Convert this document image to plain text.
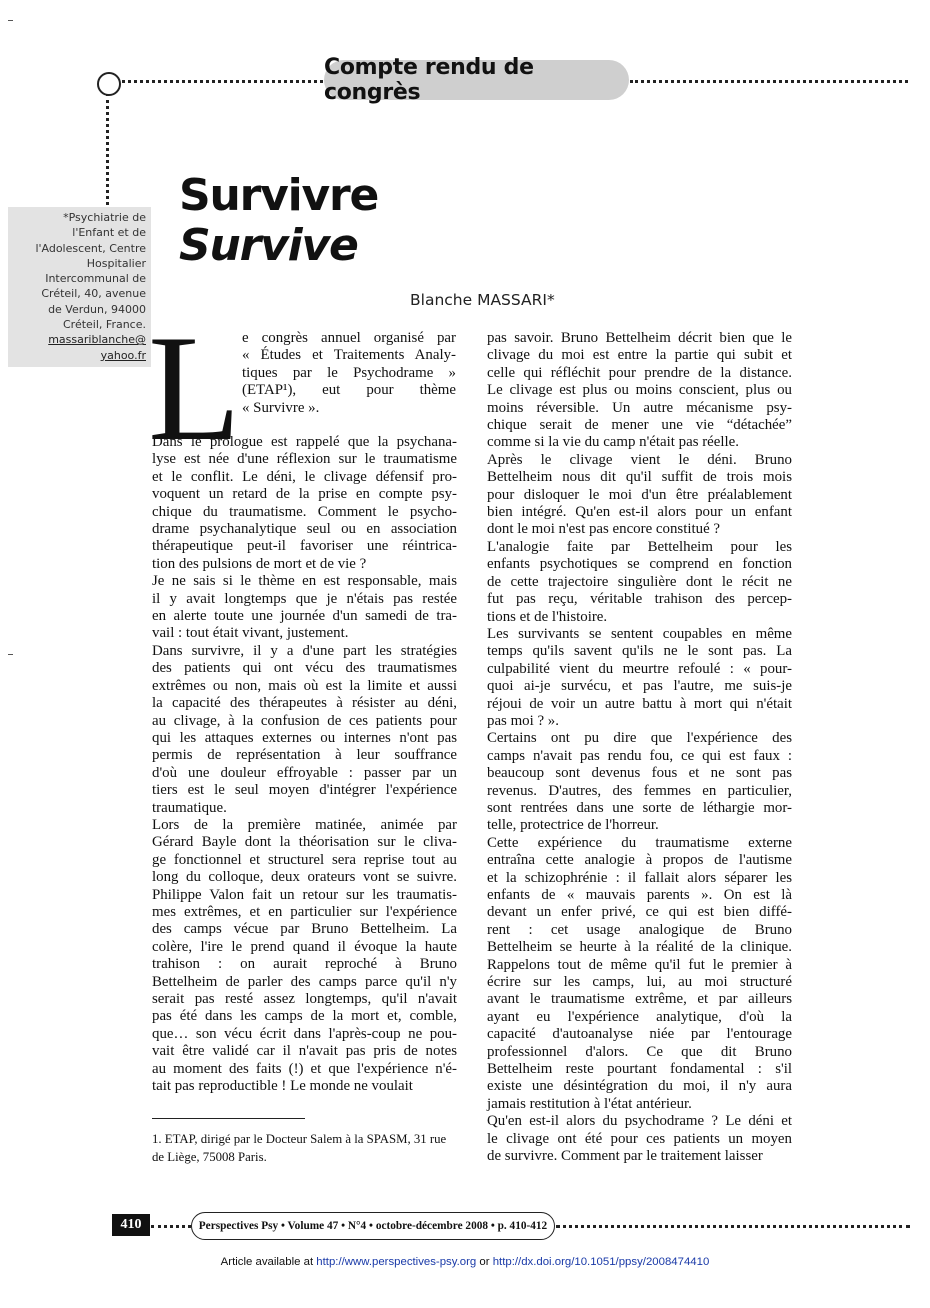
Compte rendu de congrès
*Psychiatrie de
l'Enfant et de
l'Adolescent, Centre
Hospitalier
Intercommunal de
Créteil, 40, avenue
de Verdun, 94000
Créteil, France.
massariblanche@
yahoo.fr
Survivre
Survive
Blanche MASSARI*
L e congrès annuel organisé par
« Études et Traitements Analy-
tiques par le Psychodrame »
(ETAP¹), eut pour thème
« Survivre ».
Dans le prologue est rappelé que la psychana-
lyse est née d'une réflexion sur le traumatisme
et le conflit. Le déni, le clivage défensif pro-
voquent un retard de la prise en compte psy-
chique du traumatisme. Comment le psycho-
drame psychanalytique seul ou en association
thérapeutique peut-il favoriser une réintrica-
tion des pulsions de mort et de vie ?
Je ne sais si le thème en est responsable, mais
il y avait longtemps que je n'étais pas restée
en alerte toute une journée d'un samedi de tra-
vail : tout était vivant, justement.
Dans survivre, il y a d'une part les stratégies
des patients qui ont vécu des traumatismes
extrêmes ou non, mais où est la limite et aussi
la capacité des thérapeutes à résister au déni,
au clivage, à la confusion de ces patients pour
qui les attaques externes ou internes n'ont pas
permis de représentation à leur souffrance
d'où une douleur effroyable : passer par un
tiers est le seul moyen d'intégrer l'expérience
traumatique.
Lors de la première matinée, animée par
Gérard Bayle dont la théorisation sur le cliva-
ge fonctionnel et structurel sera reprise tout au
long du colloque, deux orateurs vont se suivre.
Philippe Valon fait un retour sur les traumatis-
mes extrêmes, et en particulier sur l'expérience
des camps vécue par Bruno Bettelheim. La
colère, l'ire le prend quand il évoque la haute
trahison : on aurait reproché à Bruno
Bettelheim de parler des camps parce qu'il n'y
serait pas resté assez longtemps, qu'il n'avait
pas été dans les camps de la mort et, comble,
que… son vécu écrit dans l'après-coup ne pou-
vait être validé car il n'avait pas pris de notes
au moment des faits (!) et que l'expérience n'é-
tait pas reproductible ! Le monde ne voulait
pas savoir. Bruno Bettelheim décrit bien que le
clivage du moi est entre la partie qui subit et
celle qui réfléchit pour prendre de la distance.
Le clivage est plus ou moins conscient, plus ou
moins réversible. Un autre mécanisme psy-
chique serait de mener une vie “détachée”
comme si la vie du camp n'était pas réelle.
Après le clivage vient le déni. Bruno
Bettelheim nous dit qu'il suffit de trois mois
pour disloquer le moi d'un être préalablement
bien intégré. Qu'en est-il alors pour un enfant
dont le moi n'est pas encore constitué ?
L'analogie faite par Bettelheim pour les
enfants psychotiques se comprend en fonction
de cette trajectoire singulière dont le récit ne
fut pas reçu, véritable trahison des percep-
tions et de l'histoire.
Les survivants se sentent coupables en même
temps qu'ils savent qu'ils ne le sont pas. La
culpabilité vient du meurtre refoulé : « pour-
quoi ai-je survécu, et pas l'autre, me suis-je
réjoui de voir un autre battu à mort qui n'était
pas moi ? ».
Certains ont pu dire que l'expérience des
camps n'avait pas rendu fou, ce qui est faux :
beaucoup sont devenus fous et ne sont pas
revenus. D'autres, des femmes en particulier,
sont rentrées dans une sorte de léthargie mor-
telle, protectrice de l'horreur.
Cette expérience du traumatisme externe
entraîna cette analogie à propos de l'autisme
et la schizophrénie : il fallait alors séparer les
enfants de « mauvais parents ». On est là
devant un enfer privé, ce qui est bien diffé-
rent : cet usage analogique de Bruno
Bettelheim se heurte à la réalité de la clinique.
Rappelons tout de même qu'il fut le premier à
écrire sur les camps, lui, au moi structuré
avant le traumatisme extrême, et par ailleurs
ayant eu l'expérience analytique, d'où la
capacité d'autoanalyse niée par l'entourage
professionnel d'alors. Ce que dit Bruno
Bettelheim reste pourtant fondamental : s'il
existe une désintégration du moi, il n'y aura
jamais restitution à l'état antérieur.
Qu'en est-il alors du psychodrame ? Le déni et
le clivage ont été pour ces patients un moyen
de survivre. Comment par le traitement laisser
1. ETAP, dirigé par le Docteur Salem à la SPASM, 31 rue de Liège, 75008 Paris.
410	Perspectives Psy • Volume 47 • N°4 • octobre-décembre 2008 • p. 410-412
Article available at http://www.perspectives-psy.org or http://dx.doi.org/10.1051/ppsy/2008474410
